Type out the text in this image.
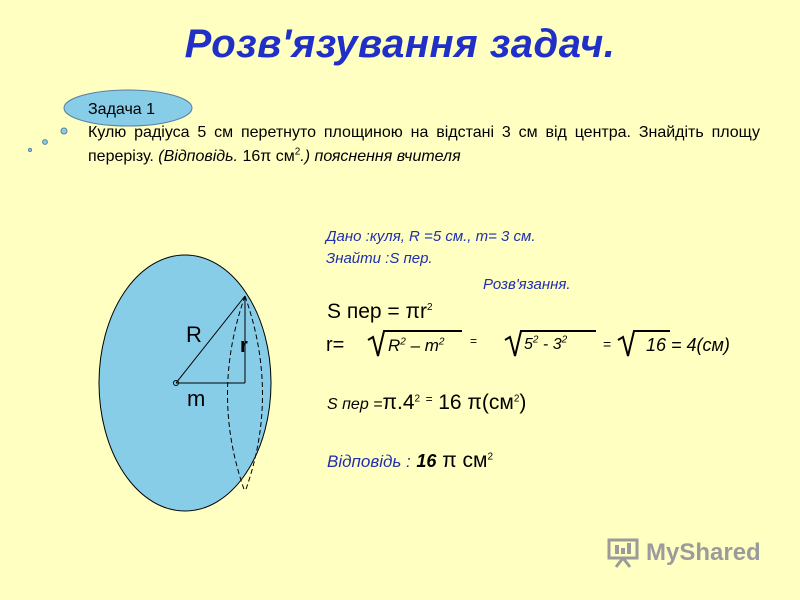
Розв'язування задач.
Задача 1
Кулю радіуса 5 см перетнуто площиною на відстані 3 см від центра. Знайдіть площу перерізу. (Відповідь. 16π $см^2$.) пояснення вчителя
R r
m
Дано :куля, R =5 см., m= 3 см.
Знайти :S пер.
Розв'язання.
S пер = $\pi r^2$
r=	$R^2 - m^2$ =	$5^2 - 3^2$	= 16 = 4(см)
S пер $=\pi.4^2$ = 16 $\pi(см^2)$
Відповідь : 16 π $см^2$
MyShared
